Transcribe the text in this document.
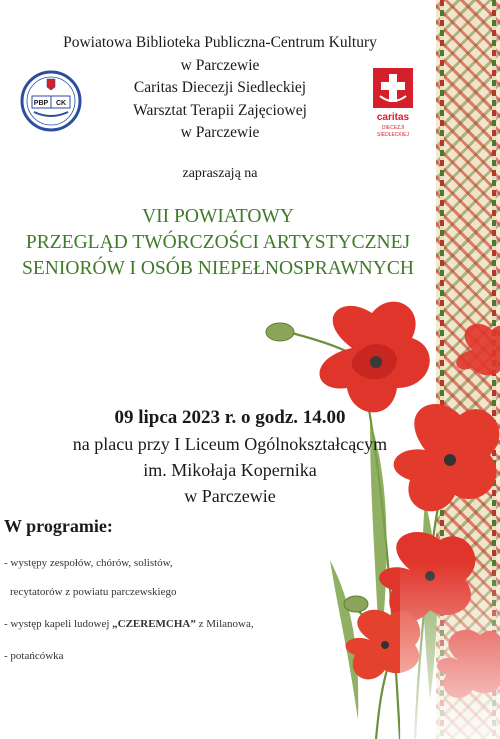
PBP CK
caritas
DIECEZJI
SIEDLECKIEJ
Powiatowa Biblioteka Publiczna-Centrum Kultury
w Parczewie
Caritas Diecezji Siedleckiej
Warsztat Terapii Zajęciowej
w Parczewie
zapraszają na
VII POWIATOWY
PRZEGLĄD TWÓRCZOŚCI ARTYSTYCZNEJ
SENIORÓW I OSÓB NIEPEŁNOSPRAWNYCH
09 lipca 2023 r. o godz. 14.00
na placu przy I Liceum Ogólnokształcącym
im. Mikołaja Kopernika
w Parczewie
W programie:
- występy zespołów, chórów, solistów,
recytatorów z powiatu parczewskiego
- występ kapeli ludowej „CZEREMCHA” z Milanowa,
- potańcówka
